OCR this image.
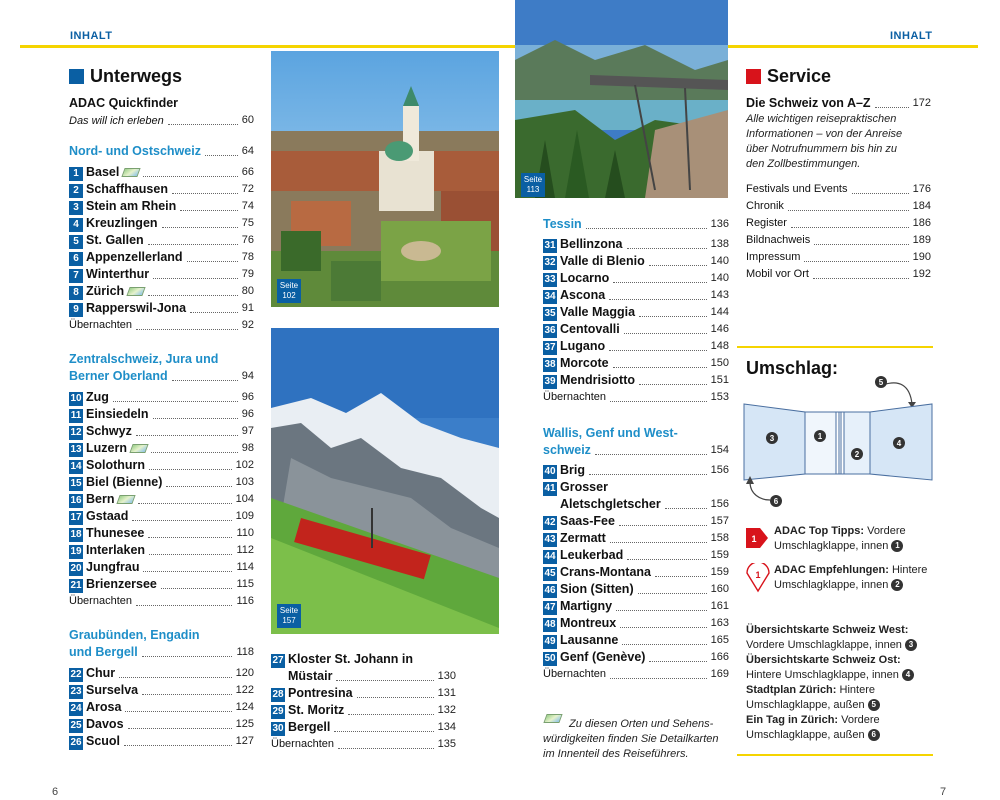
INHALT	INHALT
Unterwegs
ADAC Quickfinder
Das will ich erleben	60
Nord- und Ostschweiz	64
1 Basel	66
2 Schaffhausen	72
3 Stein am Rhein	74
4 Kreuzlingen	75
5 St. Gallen	76
6 Appenzellerland	78
7 Winterthur	79
8 Zürich	80
9 Rapperswil-Jona	91
Übernachten	92
Zentralschweiz, Jura und
Berner Oberland	94
10 Zug	96
11 Einsiedeln	96
12 Schwyz	97
13 Luzern	98
14 Solothurn	102
15 Biel (Bienne)	103
16 Bern	104
17 Gstaad	109
18 Thunesee	110
19 Interlaken	112
20 Jungfrau	114
21 Brienzersee	115
Übernachten	116
Graubünden, Engadin
und Bergell	118
22 Chur	120
23 Surselva	122
24 Arosa	124
25 Davos	125
26 Scuol	127
Seite
102
Seite
157
27 Kloster St. Johann in
Müstair	130
28 Pontresina	131
29 St. Moritz	132
30 Bergell	134
Übernachten	135
Seite
113
Tessin	136
31 Bellinzona	138
32 Valle di Blenio	140
33 Locarno	140
34 Ascona	143
35 Valle Maggia	144
36 Centovalli	146
37 Lugano	148
38 Morcote	150
39 Mendrisiotto	151
Übernachten	153
Wallis, Genf und West-
schweiz	154
40 Brig	156
41 Grosser
Aletschgletscher	156
42 Saas-Fee	157
43 Zermatt	158
44 Leukerbad	159
45 Crans-Montana	159
46 Sion (Sitten)	160
47 Martigny	161
48 Montreux	163
49 Lausanne	165
50 Genf (Genève)	166
Übernachten	169
Zu diesen Orten und Sehens-
würdigkeiten finden Sie Detailkarten
im Innenteil des Reiseführers.
Service
Die Schweiz von A–Z	172
Alle wichtigen reisepraktischen
Informationen – von der Anreise
über Notrufnummern bis hin zu
den Zollbestimmungen.
Festivals und Events	176
Chronik	184
Register	186
Bildnachweis	189
Impressum	190
Mobil vor Ort	192
Umschlag:
3	1
2
4
5
6
1
ADAC Top Tipps: Vordere
Umschlagklappe, innen 1
1 ADAC Empfehlungen: Hintere
Umschlagklappe, innen 2
Übersichtskarte Schweiz West:
Vordere Umschlagklappe, innen 3
Übersichtskarte Schweiz Ost:
Hintere Umschlagklappe, innen 4
Stadtplan Zürich: Hintere
Umschlagklappe, außen 5
Ein Tag in Zürich: Vordere
Umschlagklappe, außen 6
6	7
